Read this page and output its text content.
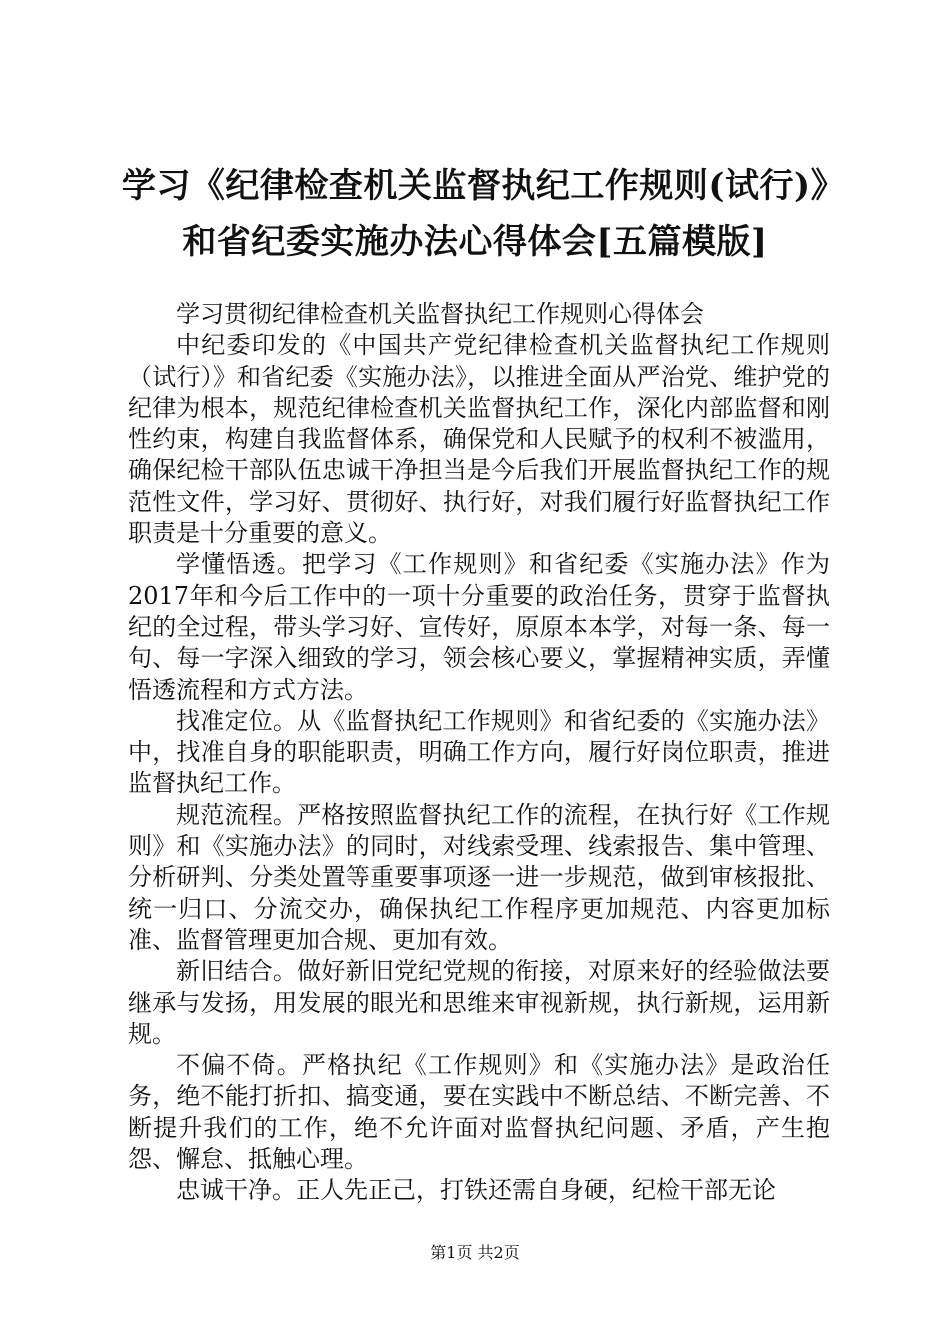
学习《纪律检查机关监督执纪工作规则(试行)》和省纪委实施办法心得体会[五篇模版]

学习贯彻纪律检查机关监督执纪工作规则心得体会

中纪委印发的《中国共产党纪律检查机关监督执纪工作规则（试行）》和省纪委《实施办法》，以推进全面从严治党、维护党的纪律为根本，规范纪律检查机关监督执纪工作，深化内部监督和刚性约束，构建自我监督体系，确保党和人民赋予的权利不被滥用，确保纪检干部队伍忠诚干净担当是今后我们开展监督执纪工作的规范性文件，学习好、贯彻好、执行好，对我们履行好监督执纪工作职责是十分重要的意义。

学懂悟透。把学习《工作规则》和省纪委《实施办法》作为2017年和今后工作中的一项十分重要的政治任务，贯穿于监督执纪的全过程，带头学习好、宣传好，原原本本学，对每一条、每一句、每一字深入细致的学习，领会核心要义，掌握精神实质，弄懂悟透流程和方式方法。

找准定位。从《监督执纪工作规则》和省纪委的《实施办法》中，找准自身的职能职责，明确工作方向，履行好岗位职责，推进监督执纪工作。

规范流程。严格按照监督执纪工作的流程，在执行好《工作规则》和《实施办法》的同时，对线索受理、线索报告、集中管理、分析研判、分类处置等重要事项逐一进一步规范，做到审核报批、统一归口、分流交办，确保执纪工作程序更加规范、内容更加标准、监督管理更加合规、更加有效。

新旧结合。做好新旧党纪党规的衔接，对原来好的经验做法要继承与发扬，用发展的眼光和思维来审视新规，执行新规，运用新规。

不偏不倚。严格执纪《工作规则》和《实施办法》是政治任务，绝不能打折扣、搞变通，要在实践中不断总结、不断完善、不断提升我们的工作，绝不允许面对监督执纪问题、矛盾，产生抱怨、懈怠、抵触心理。

忠诚干净。正人先正己，打铁还需自身硬，纪检干部无论

第1页 共2页
